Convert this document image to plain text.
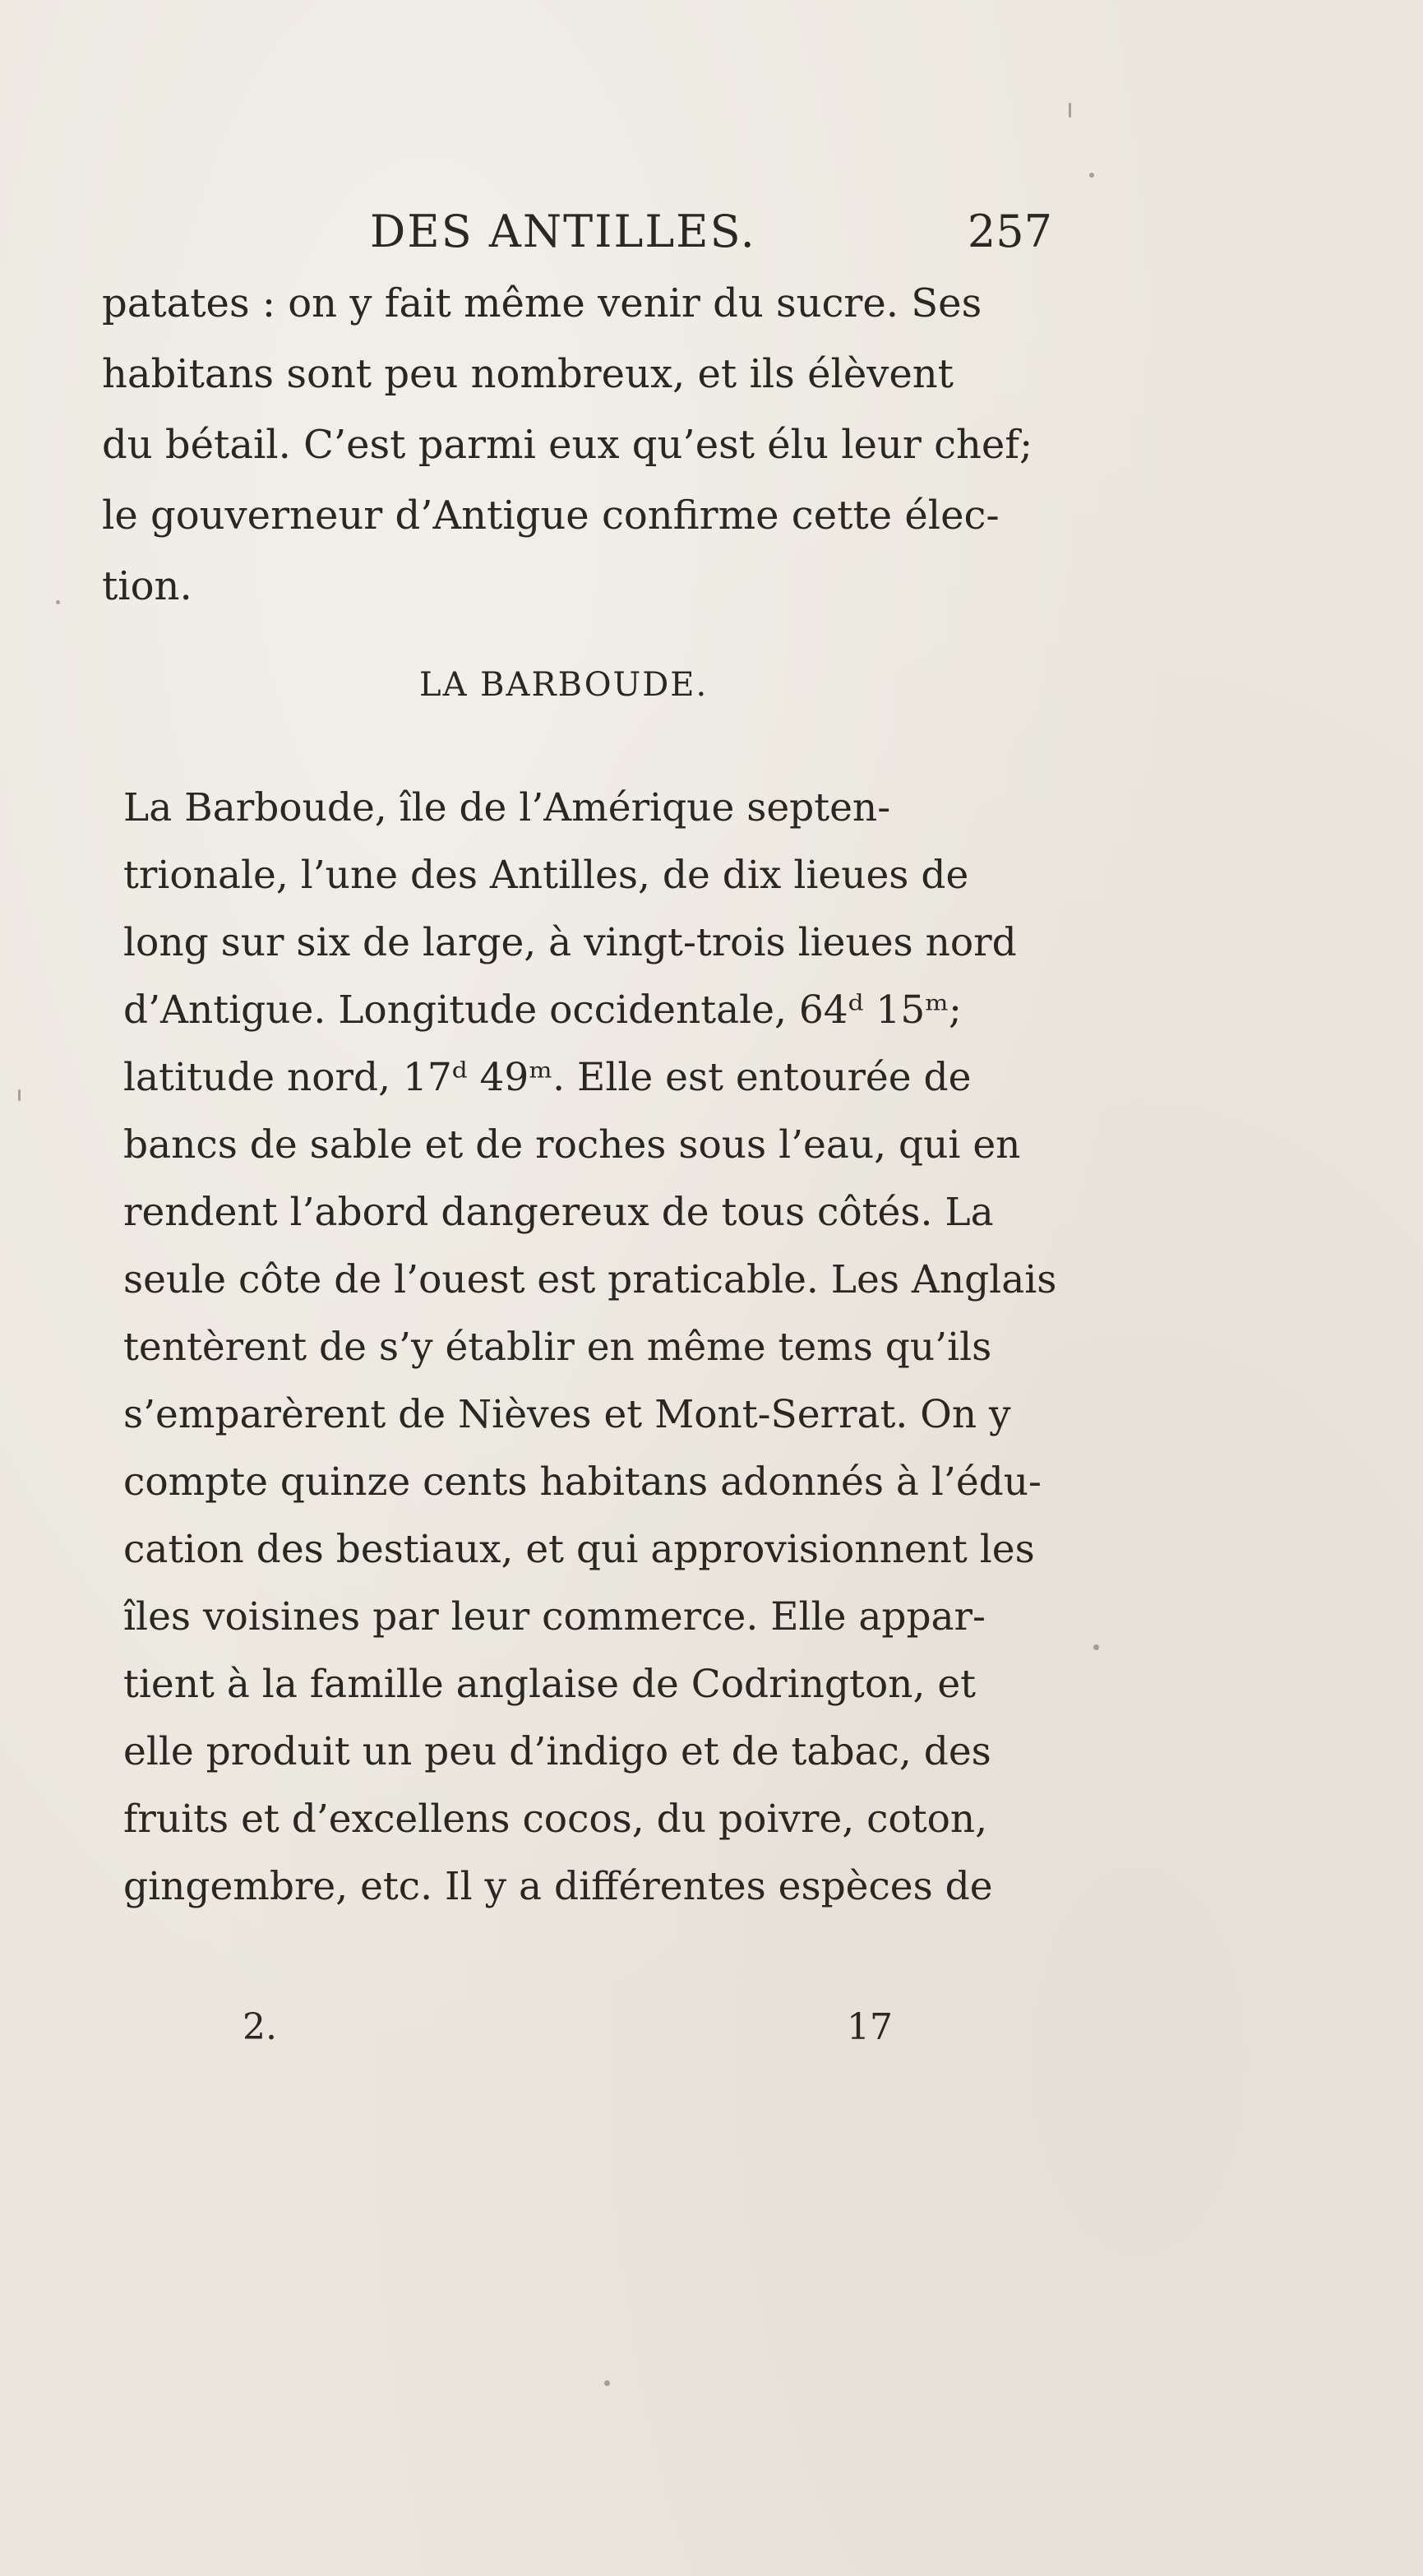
DES ANTILLES.	257

patates : on y fait même venir du sucre. Ses
habitans sont peu nombreux, et ils élèvent
du bétail. C’est parmi eux qu’est élu leur chef;
le gouverneur d’Antigue confirme cette élec-
tion.

LA BARBOUDE.

La Barboude, île de l’Amérique septen-
trionale, l’une des Antilles, de dix lieues de
long sur six de large, à vingt-trois lieues nord
d’Antigue. Longitude occidentale, 64ᵈ 15ᵐ;
latitude nord, 17ᵈ 49ᵐ. Elle est entourée de
bancs de sable et de roches sous l’eau, qui en
rendent l’abord dangereux de tous côtés. La
seule côte de l’ouest est praticable. Les Anglais
tentèrent de s’y établir en même tems qu’ils
s’emparèrent de Nièves et Mont-Serrat. On y
compte quinze cents habitans adonnés à l’édu-
cation des bestiaux, et qui approvisionnent les
îles voisines par leur commerce. Elle appar-
tient à la famille anglaise de Codrington, et
elle produit un peu d’indigo et de tabac, des
fruits et d’excellens cocos, du poivre, coton,
gingembre, etc. Il y a différentes espèces de

2.	17
